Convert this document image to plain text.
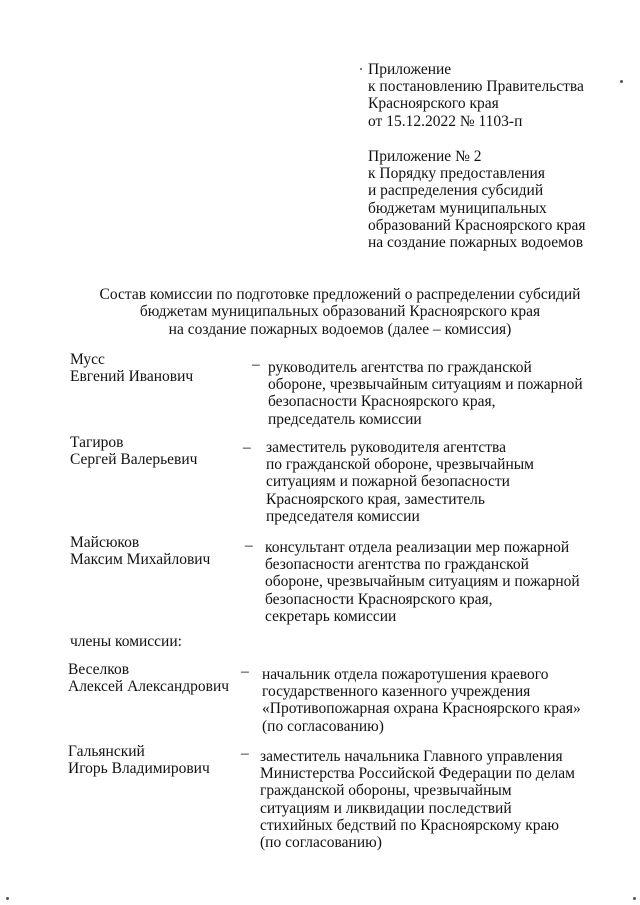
Приложение
к постановлению Правительства
Красноярского края
от 15.12.2022 № 1103-п
Приложение № 2
к Порядку предоставления
и распределения субсидий
бюджетам муниципальных
образований Красноярского края
на создание пожарных водоемов
Состав комиссии по подготовке предложений о распределении субсидий
бюджетам муниципальных образований Красноярского края
на создание пожарных водоемов (далее – комиссия)
Мусс
Евгений Иванович
– руководитель агентства по гражданской
обороне, чрезвычайным ситуациям и пожарной
безопасности Красноярского края,
председатель комиссии
Тагиров
Сергей Валерьевич
– заместитель руководителя агентства
по гражданской обороне, чрезвычайным
ситуациям и пожарной безопасности
Красноярского края, заместитель
председателя комиссии
Майсюков
Максим Михайлович
– консультант отдела реализации мер пожарной
безопасности агентства по гражданской
обороне, чрезвычайным ситуациям и пожарной
безопасности Красноярского края,
секретарь комиссии
члены комиссии:
Веселков
Алексей Александрович
– начальник отдела пожаротушения краевого
государственного казенного учреждения
«Противопожарная охрана Красноярского края»
(по согласованию)
Гальянский
Игорь Владимирович
– заместитель начальника Главного управления
Министерства Российской Федерации по делам
гражданской обороны, чрезвычайным
ситуациям и ликвидации последствий
стихийных бедствий по Красноярскому краю
(по согласованию)
